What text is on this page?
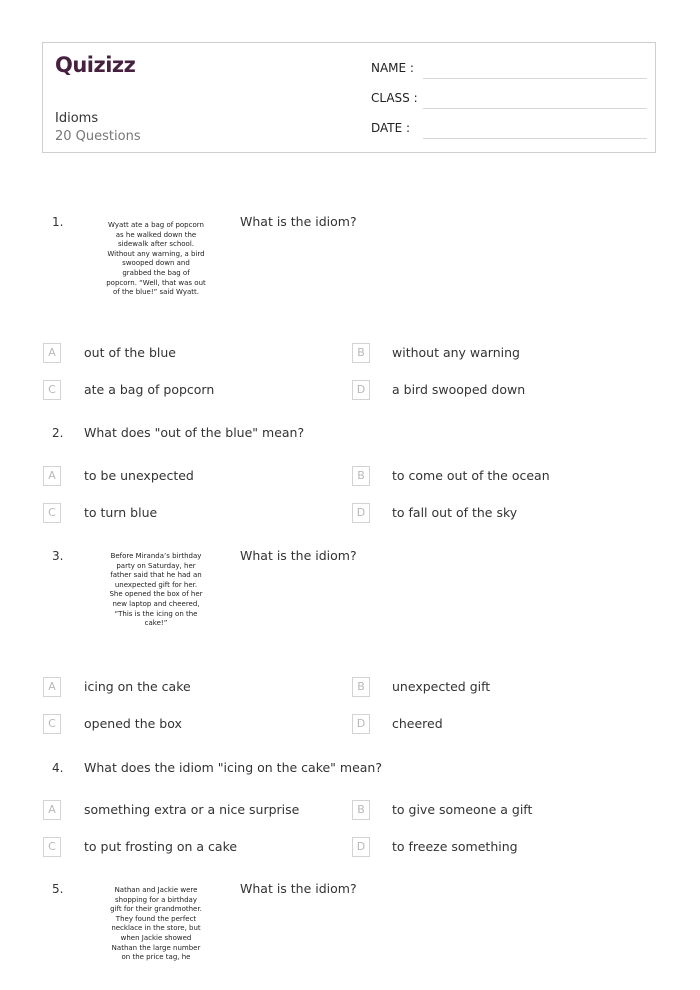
Quizizz
Idioms
20 Questions
NAME :
CLASS :
DATE :
1.	Wyatt ate a bag of popcorn
as he walked down the
sidewalk after school.
Without any warning, a bird
swooped down and
grabbed the bag of
popcorn. “Well, that was out
of the blue!” said Wyatt.
What is the idiom?
A	out of the blue	B	without any warning
C	ate a bag of popcorn	D	a bird swooped down
2. What does "out of the blue" mean?
A	to be unexpected	B	to come out of the ocean
C	to turn blue	D	to fall out of the sky
3.	Before Miranda’s birthday
party on Saturday, her
father said that he had an
unexpected gift for her.
She opened the box of her
new laptop and cheered,
“This is the icing on the
cake!”
What is the idiom?
A	icing on the cake	B	unexpected gift
C	opened the box	D	cheered
4. What does the idiom "icing on the cake" mean?
A	something extra or a nice surprise	B	to give someone a gift
C	to put frosting on a cake	D	to freeze something
5.	Nathan and Jackie were
shopping for a birthday
gift for their grandmother.
They found the perfect
necklace in the store, but
when Jackie showed
Nathan the large number
on the price tag, he
What is the idiom?
